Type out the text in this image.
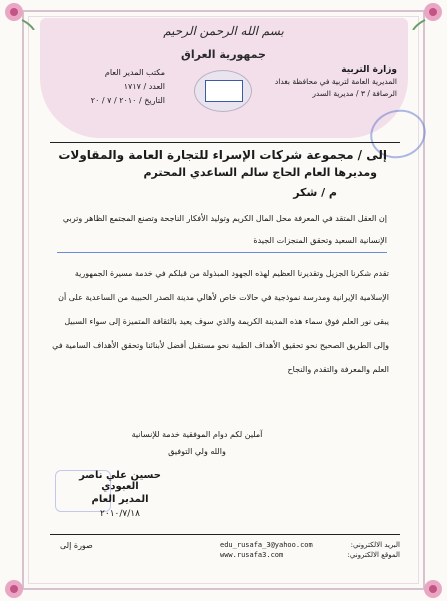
بسم الله الرحمن الرحيم
جمهورية العراق
وزارة التربية
المديرية العامة لتربية في محافظة بغداد
الرصافة / ٣ / مديرية السدر
مكتب المدير العام
العدد / ١٧١٧
التاريخ / ٢٠١٠ / ٧ / ٢٠
إلى / مجموعة شركات الإسراء للتجارة العامة والمقاولات
ومديرها العام الحاج سالم الساعدي المحترم
م / شكر
إن العقل المتقد في المعرفة محل المال الكريم وتوليد الأفكار الناجحة وتصنع المجتمع الظاهر وتربي الإنسانية السعيد وتحقق المنجزات الجيدة
تقدم شكرنا الجزيل وتقديرنا العظيم لهذه الجهود المبذولة من قبلكم في خدمة مسيرة الجمهورية الإسلامية الإيرانية ومدرسة نموذجية في حالات خاص لأهالي مدينة الصدر الحبيبة من الساعدية على أن يبقى نور العلم فوق سماء هذه المدينة الكريمة والذي سوف يعيد بالثقافة المتميزة إلى سواء السبيل وإلى الطريق الصحيح نحو تحقيق الأهداف الطيبة نحو مستقبل أفضل لأبنائنا وتحقق الأهداف السامية في العلم والمعرفة والتقدم والنجاح
آملين لكم دوام الموفقية خدمة للإنسانية
والله ولي التوفيق
حسين علي ناصر العبودي
المدير العام
٢٠١٠/٧/١٨
البريد الالكتروني:
edu_rusafa_3@yahoo.com
الموقع الالكتروني:
www.rusafa3.com
صورة إلى
